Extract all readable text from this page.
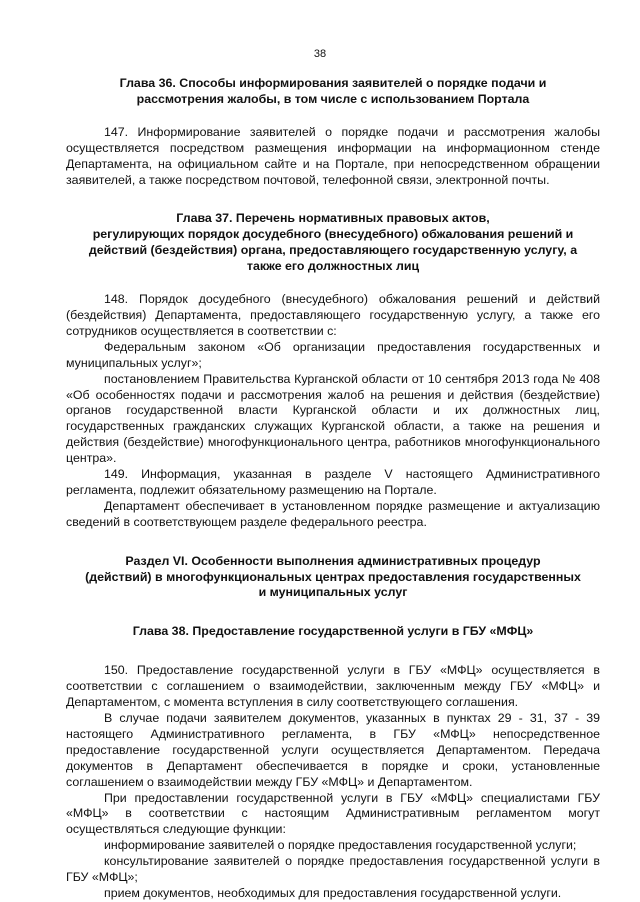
38
Глава 36. Способы информирования заявителей о порядке подачи и
рассмотрения жалобы, в том числе с использованием Портала

147. Информирование заявителей о порядке подачи и рассмотрения жалобы осуществляется посредством размещения информации на информационном стенде Департамента, на официальном сайте и на Портале, при непосредственном обращении заявителей, а также посредством почтовой, телефонной связи, электронной почты.

Глава 37. Перечень нормативных правовых актов,
регулирующих порядок досудебного (внесудебного) обжалования решений и
действий (бездействия) органа, предоставляющего государственную услугу, а
также его должностных лиц

148. Порядок досудебного (внесудебного) обжалования решений и действий (бездействия) Департамента, предоставляющего государственную услугу, а также его сотрудников осуществляется в соответствии с:

Федеральным законом «Об организации предоставления государственных и муниципальных услуг»;

постановлением Правительства Курганской области от 10 сентября 2013 года № 408 «Об особенностях подачи и рассмотрения жалоб на решения и действия (бездействие) органов государственной власти Курганской области и их должностных лиц, государственных гражданских служащих Курганской области, а также на решения и действия (бездействие) многофункционального центра, работников многофункционального центра».

149. Информация, указанная в разделе V настоящего Административного регламента, подлежит обязательному размещению на Портале.

Департамент обеспечивает в установленном порядке размещение и актуализацию сведений в соответствующем разделе федерального реестра.

Раздел VI. Особенности выполнения административных процедур
(действий) в многофункциональных центрах предоставления государственных
и муниципальных услуг
Глава 38. Предоставление государственной услуги в ГБУ «МФЦ»

150. Предоставление государственной услуги в ГБУ «МФЦ» осуществляется в соответствии с соглашением о взаимодействии, заключенным между ГБУ «МФЦ» и Департаментом, с момента вступления в силу соответствующего соглашения.

В случае подачи заявителем документов, указанных в пунктах 29 - 31, 37 - 39 настоящего Административного регламента, в ГБУ «МФЦ» непосредственное предоставление государственной услуги осуществляется Департаментом. Передача документов в Департамент обеспечивается в порядке и сроки, установленные соглашением о взаимодействии между ГБУ «МФЦ» и Департаментом.

При предоставлении государственной услуги в ГБУ «МФЦ» специалистами ГБУ «МФЦ» в соответствии с настоящим Административным регламентом могут осуществляться следующие функции:

информирование заявителей о порядке предоставления государственной услуги;

консультирование заявителей о порядке предоставления государственной услуги в ГБУ «МФЦ»;

прием документов, необходимых для предоставления государственной услуги.
